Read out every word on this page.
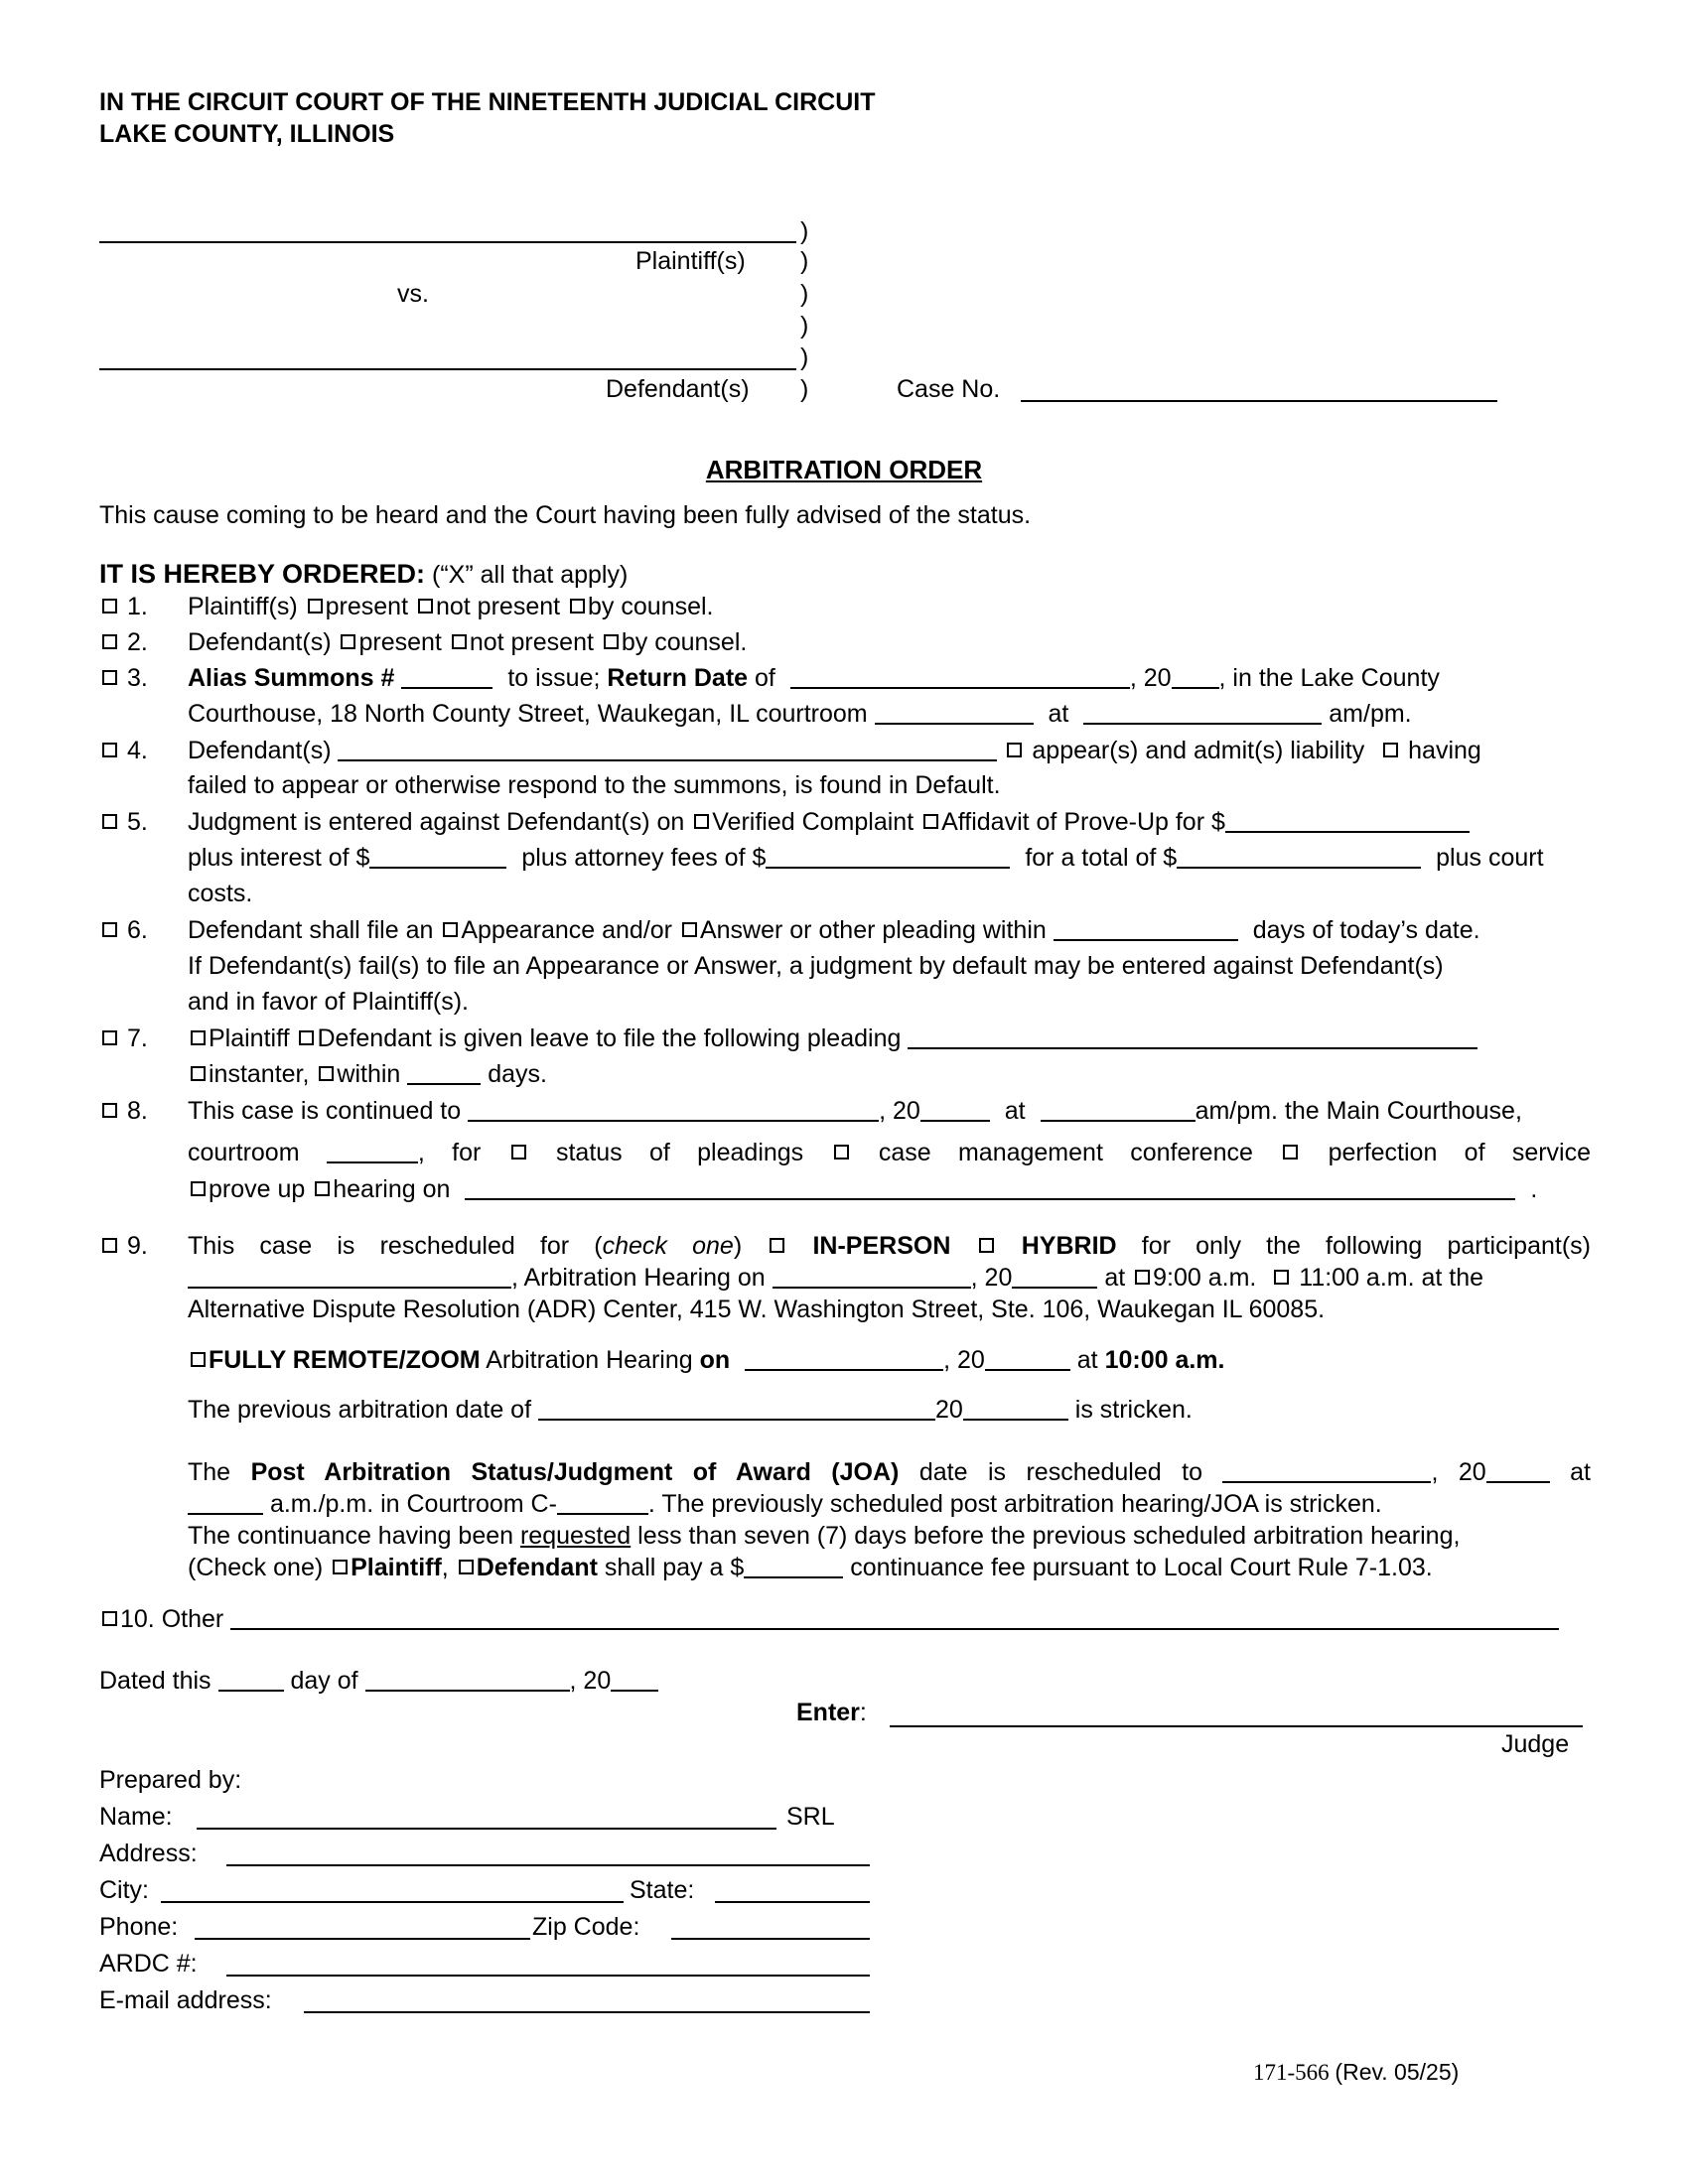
IN THE CIRCUIT COURT OF THE NINETEENTH JUDICIAL CIRCUIT
LAKE COUNTY, ILLINOIS
)
Plaintiff(s) )
vs.	)
)
)
Defendant(s) )	Case No.
ARBITRATION ORDER
This cause coming to be heard and the Court having been fully advised of the status.
IT IS HEREBY ORDERED: (“X” all that apply)
1. Plaintiff(s) present not present by counsel.
2. Defendant(s) present not present by counsel.
3. Alias Summons #	to issue; Return Date of	, 20 , in the Lake County
Courthouse, 18 North County Street, Waukegan, IL courtroom	at	am/pm.
4. Defendant(s)	appear(s) and admit(s) liability having
failed to appear or otherwise respond to the summons, is found in Default.
5. Judgment is entered against Defendant(s) on Verified Complaint Affidavit of Prove-Up for $
plus interest of $	plus attorney fees of $	for a total of $	plus court
costs.
6. Defendant shall file an Appearance and/or Answer or other pleading within	days of today’s date.
If Defendant(s) fail(s) to file an Appearance or Answer, a judgment by default may be entered against Defendant(s)
and in favor of Plaintiff(s).
7.	Plaintiff Defendant is given leave to file the following pleading
instanter, within	days.
8. This case is continued to	, 20	at	am/pm. the Main Courthouse,
courtroom	, for	status of pleadings	case management conference	perfection of service
prove up hearing on	.
9. This case is rescheduled for (check one)	IN-PERSON	HYBRID for only the following participant(s)
, Arbitration Hearing on	, 20	at 9:00 a.m. 11:00 a.m. at the
Alternative Dispute Resolution (ADR) Center, 415 W. Washington Street, Ste. 106, Waukegan IL 60085.
FULLY REMOTE/ZOOM Arbitration Hearing on	, 20	at 10:00 a.m.
The previous arbitration date of	20	is stricken.
The Post Arbitration Status/Judgment of Award (JOA) date is rescheduled to	, 20	at
a.m./p.m. in Courtroom C-	. The previously scheduled post arbitration hearing/JOA is stricken.
The continuance having been requested less than seven (7) days before the previous scheduled arbitration hearing,
(Check one) Plaintiff, Defendant shall pay a $	continuance fee pursuant to Local Court Rule 7-1.03.
10. Other
Dated this	day of	, 20
Enter:
Judge
Prepared by:
Name:	SRL
Address:
City:	State:
Phone:	Zip Code:
ARDC #:
E-mail address:
171-566 (Rev. 05/25)
